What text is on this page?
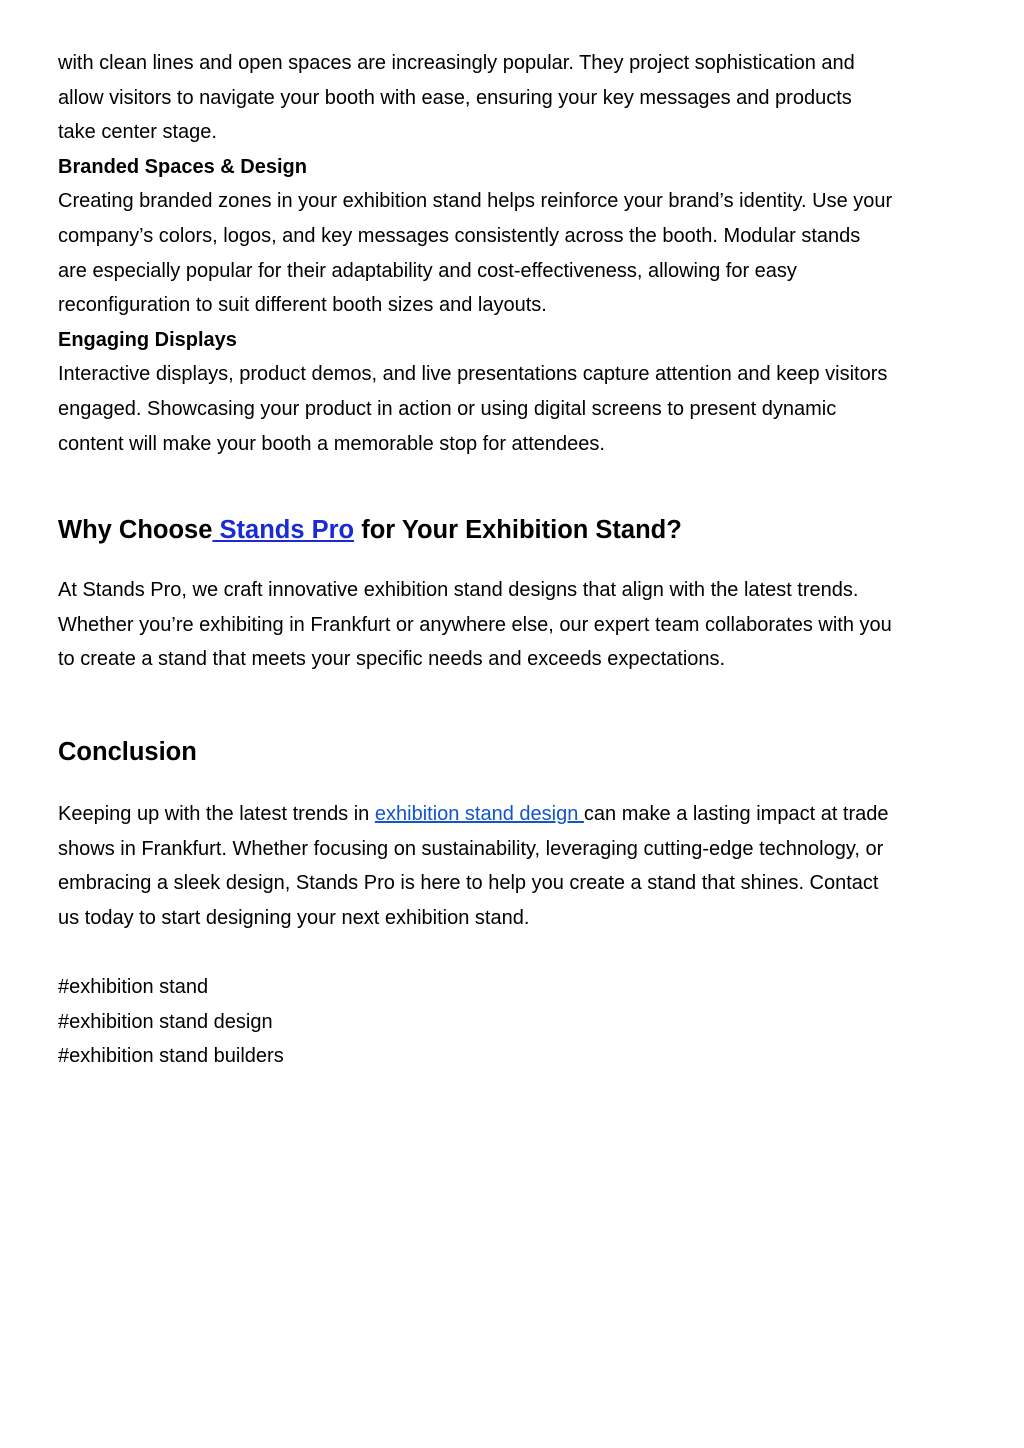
with clean lines and open spaces are increasingly popular. They project sophistication and

allow visitors to navigate your booth with ease, ensuring your key messages and products

take center stage.

Branded Spaces & Design

Creating branded zones in your exhibition stand helps reinforce your brand’s identity. Use your

company’s colors, logos, and key messages consistently across the booth. Modular stands

are especially popular for their adaptability and cost-effectiveness, allowing for easy

reconfiguration to suit different booth sizes and layouts.

Engaging Displays

Interactive displays, product demos, and live presentations capture attention and keep visitors

engaged. Showcasing your product in action or using digital screens to present dynamic

content will make your booth a memorable stop for attendees.

Why Choose Stands Pro for Your Exhibition Stand?

At Stands Pro, we craft innovative exhibition stand designs that align with the latest trends.

Whether you’re exhibiting in Frankfurt or anywhere else, our expert team collaborates with you

to create a stand that meets your specific needs and exceeds expectations.

Conclusion

Keeping up with the latest trends in exhibition stand design can make a lasting impact at trade

shows in Frankfurt. Whether focusing on sustainability, leveraging cutting-edge technology, or

embracing a sleek design, Stands Pro is here to help you create a stand that shines. Contact

us today to start designing your next exhibition stand.

#exhibition stand

#exhibition stand design

#exhibition stand builders
